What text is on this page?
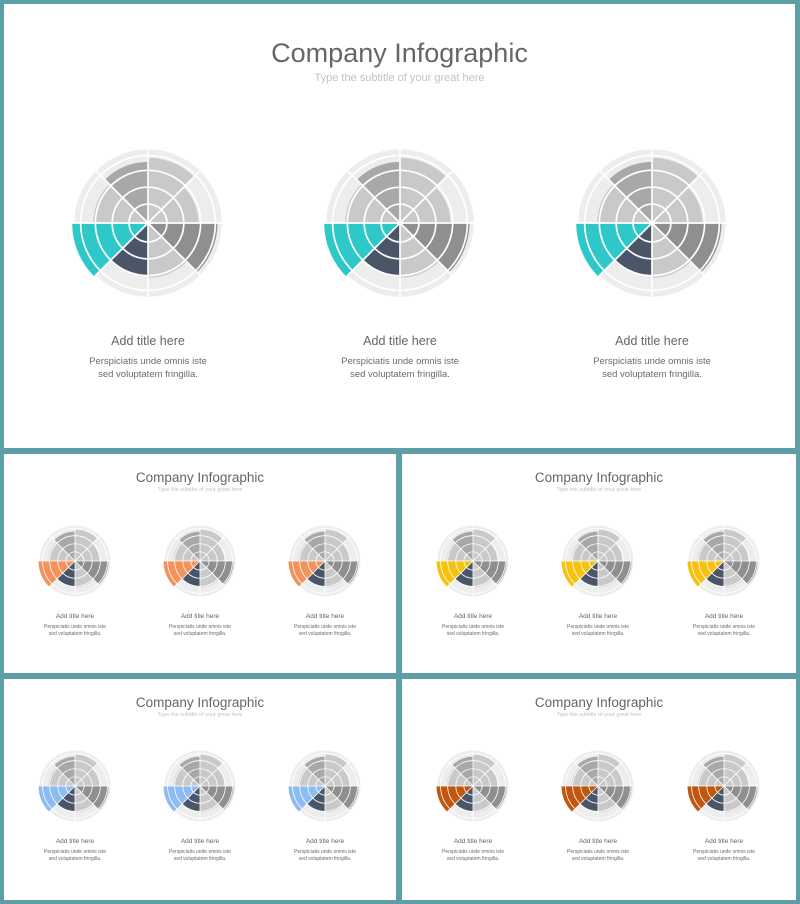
Company Infographic
Type the subtitle of your great here
Add title here
Perspiciatis unde omnis iste
sed voluptatem fringilla.
Add title here
Perspiciatis unde omnis iste
sed voluptatem fringilla.
Add title here
Perspiciatis unde omnis iste
sed voluptatem fringilla.
Company Infographic
Type the subtitle of your great here
Add title here
Perspiciatis unde omnis iste
sed voluptatem fringilla.
Add title here
Perspiciatis unde omnis iste
sed voluptatem fringilla.
Add title here
Perspiciatis unde omnis iste
sed voluptatem fringilla.
Company Infographic
Type the subtitle of your great here
Add title here
Perspiciatis unde omnis iste
sed voluptatem fringilla.
Add title here
Perspiciatis unde omnis iste
sed voluptatem fringilla.
Add title here
Perspiciatis unde omnis iste
sed voluptatem fringilla.
Company Infographic
Type the subtitle of your great here
Add title here
Perspiciatis unde omnis iste
sed voluptatem fringilla.
Add title here
Perspiciatis unde omnis iste
sed voluptatem fringilla.
Add title here
Perspiciatis unde omnis iste
sed voluptatem fringilla.
Company Infographic
Type the subtitle of your great here
Add title here
Perspiciatis unde omnis iste
sed voluptatem fringilla.
Add title here
Perspiciatis unde omnis iste
sed voluptatem fringilla.
Add title here
Perspiciatis unde omnis iste
sed voluptatem fringilla.
